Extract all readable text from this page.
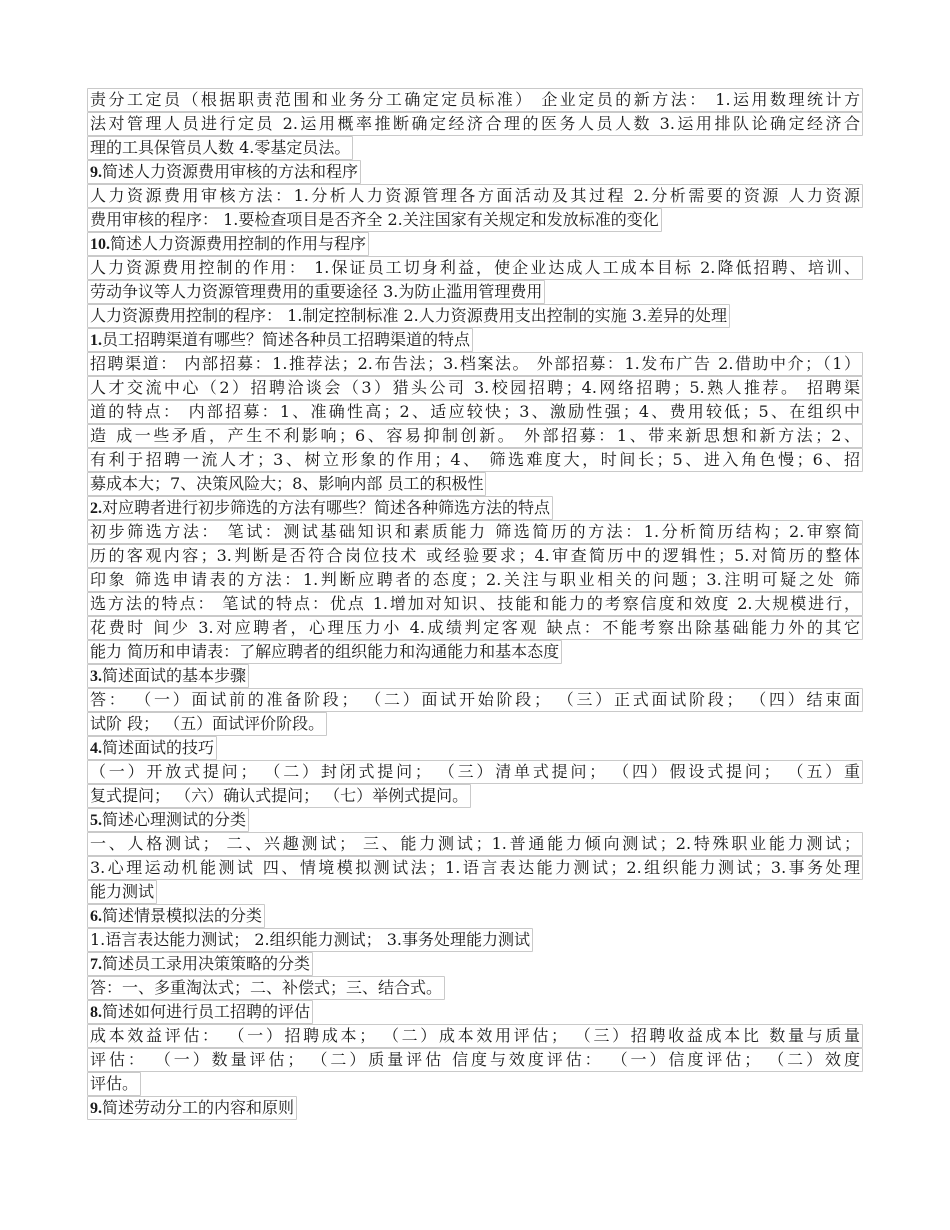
责分工定员（根据职责范围和业务分工确定定员标准） 企业定员的新方法： 1.运用数理统计方
法对管理人员进行定员 2.运用概率推断确定经济合理的医务人员人数 3.运用排队论确定经济合
理的工具保管员人数 4.零基定员法。
9.简述人力资源费用审核的方法和程序
人力资源费用审核方法：1.分析人力资源管理各方面活动及其过程 2.分析需要的资源 人力资源
费用审核的程序： 1.要检查项目是否齐全 2.关注国家有关规定和发放标准的变化
10.简述人力资源费用控制的作用与程序
人力资源费用控制的作用： 1.保证员工切身利益，使企业达成人工成本目标 2.降低招聘、培训、
劳动争议等人力资源管理费用的重要途径 3.为防止滥用管理费用
人力资源费用控制的程序： 1.制定控制标准 2.人力资源费用支出控制的实施 3.差异的处理
1.员工招聘渠道有哪些？简述各种员工招聘渠道的特点
招聘渠道： 内部招募：1.推荐法；2.布告法；3.档案法。 外部招募：1.发布广告 2.借助中介；（1）
人才交流中心（2）招聘洽谈会（3）猎头公司 3.校园招聘；4.网络招聘；5.熟人推荐。 招聘渠
道的特点： 内部招募：1、准确性高；2、适应较快；3、激励性强；4、费用较低；5、在组织中
造 成一些矛盾，产生不利影响；6、容易抑制创新。 外部招募：1、带来新思想和新方法；2、
有利于招聘一流人才；3、树立形象的作用；4、 筛选难度大，时间长；5、进入角色慢；6、招
募成本大；7、决策风险大；8、影响内部 员工的积极性
2.对应聘者进行初步筛选的方法有哪些？简述各种筛选方法的特点
初步筛选方法： 笔试：测试基础知识和素质能力 筛选简历的方法：1.分析简历结构；2.审察简
历的客观内容；3.判断是否符合岗位技术 或经验要求；4.审查简历中的逻辑性；5.对简历的整体
印象 筛选申请表的方法：1.判断应聘者的态度；2.关注与职业相关的问题；3.注明可疑之处 筛
选方法的特点： 笔试的特点：优点 1.增加对知识、技能和能力的考察信度和效度 2.大规模进行，
花费时 间少 3.对应聘者，心理压力小 4.成绩判定客观 缺点：不能考察出除基础能力外的其它
能力 简历和申请表：了解应聘者的组织能力和沟通能力和基本态度
3.简述面试的基本步骤
答： （一）面试前的准备阶段； （二）面试开始阶段； （三）正式面试阶段； （四）结束面
试阶 段； （五）面试评价阶段。
4.简述面试的技巧
（一）开放式提问； （二）封闭式提问； （三）清单式提问； （四）假设式提问； （五）重
复式提问； （六）确认式提问； （七）举例式提问。
5.简述心理测试的分类
一、人格测试； 二、兴趣测试； 三、能力测试；1.普通能力倾向测试；2.特殊职业能力测试；
3.心理运动机能测试 四、情境模拟测试法；1.语言表达能力测试；2.组织能力测试；3.事务处理
能力测试
6.简述情景模拟法的分类
1.语言表达能力测试； 2.组织能力测试； 3.事务处理能力测试
7.简述员工录用决策策略的分类
答：一、多重淘汰式；二、补偿式；三、结合式。
8.简述如何进行员工招聘的评估
成本效益评估： （一）招聘成本； （二）成本效用评估； （三）招聘收益成本比 数量与质量
评估： （一）数量评估； （二）质量评估 信度与效度评估： （一）信度评估； （二）效度
评估。
9.简述劳动分工的内容和原则
